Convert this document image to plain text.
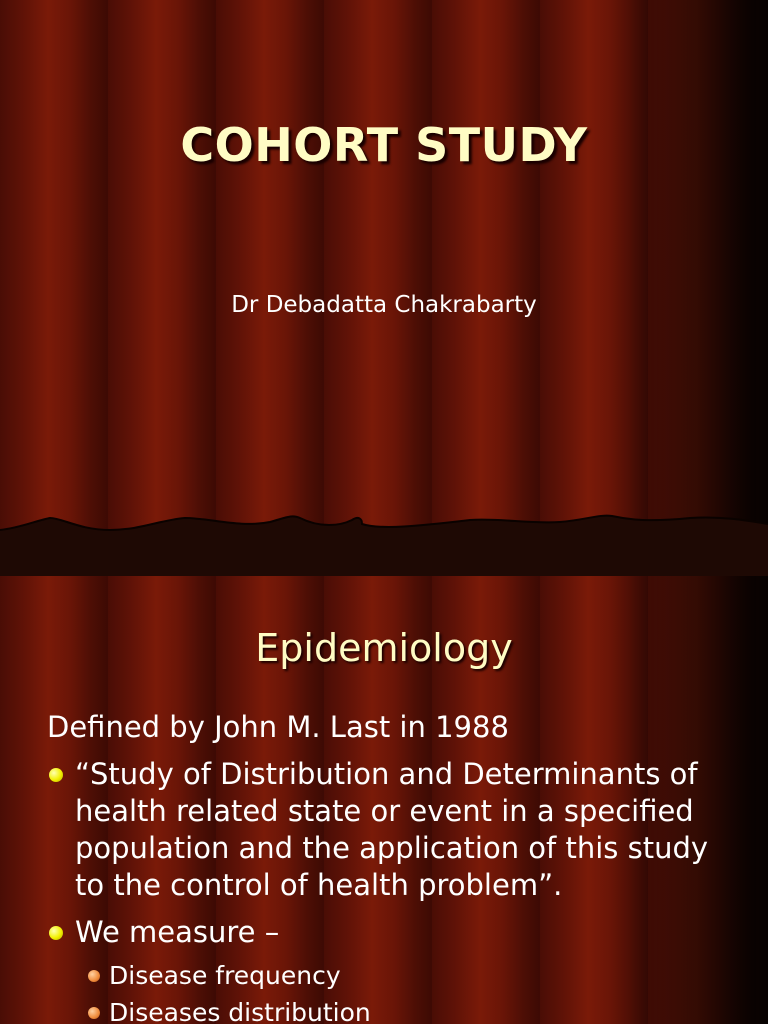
COHORT STUDY
Dr Debadatta Chakrabarty
Epidemiology
Defined by John M. Last in 1988
“Study of Distribution and Determinants of health related state or event in a specified population and the application of this study to the control of health problem”.
We measure –
Disease frequency
Diseases distribution
